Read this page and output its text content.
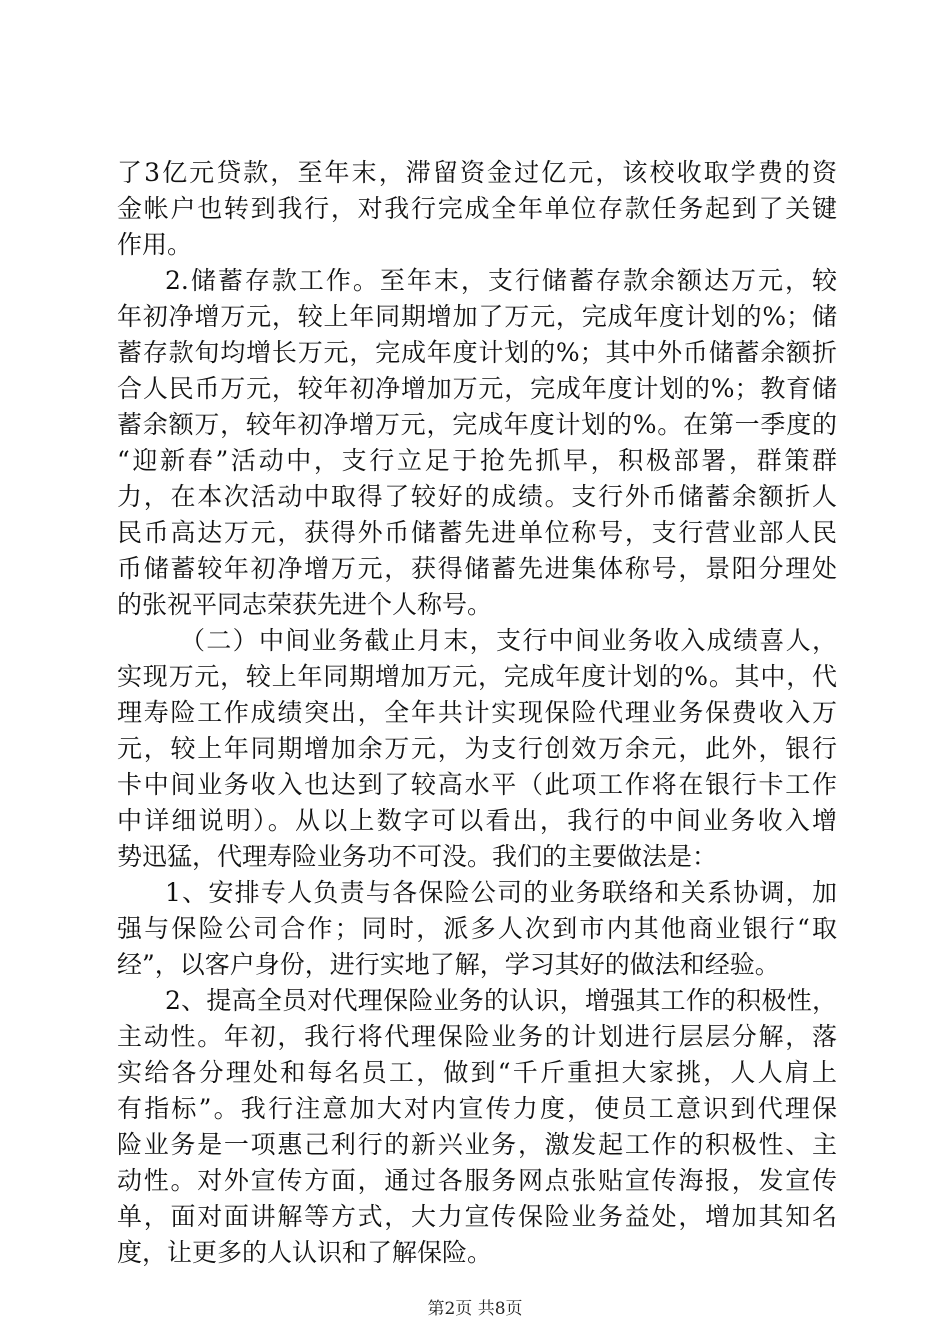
了3亿元贷款，至年末，滞留资金过亿元，该校收取学费的资
金帐户也转到我行，对我行完成全年单位存款任务起到了关键
作用。
2.储蓄存款工作。至年末，支行储蓄存款余额达万元，较
年初净增万元，较上年同期增加了万元，完成年度计划的%；储
蓄存款旬均增长万元，完成年度计划的%；其中外币储蓄余额折
合人民币万元，较年初净增加万元，完成年度计划的%；教育储
蓄余额万，较年初净增万元，完成年度计划的%。在第一季度的
“迎新春”活动中，支行立足于抢先抓早，积极部署，群策群
力，在本次活动中取得了较好的成绩。支行外币储蓄余额折人
民币高达万元，获得外币储蓄先进单位称号，支行营业部人民
币储蓄较年初净增万元，获得储蓄先进集体称号，景阳分理处
的张祝平同志荣获先进个人称号。
（二）中间业务截止月末，支行中间业务收入成绩喜人，
实现万元，较上年同期增加万元，完成年度计划的%。其中，代
理寿险工作成绩突出，全年共计实现保险代理业务保费收入万
元，较上年同期增加余万元，为支行创效万余元，此外，银行
卡中间业务收入也达到了较高水平（此项工作将在银行卡工作
中详细说明）。从以上数字可以看出，我行的中间业务收入增
势迅猛，代理寿险业务功不可没。我们的主要做法是：
1、安排专人负责与各保险公司的业务联络和关系协调，加
强与保险公司合作；同时，派多人次到市内其他商业银行“取
经”，以客户身份，进行实地了解，学习其好的做法和经验。
2、提高全员对代理保险业务的认识，增强其工作的积极性，
主动性。年初，我行将代理保险业务的计划进行层层分解，落
实给各分理处和每名员工，做到“千斤重担大家挑，人人肩上
有指标”。我行注意加大对内宣传力度，使员工意识到代理保
险业务是一项惠己利行的新兴业务，激发起工作的积极性、主
动性。对外宣传方面，通过各服务网点张贴宣传海报，发宣传
单，面对面讲解等方式，大力宣传保险业务益处，增加其知名
度，让更多的人认识和了解保险。
第2页 共8页
